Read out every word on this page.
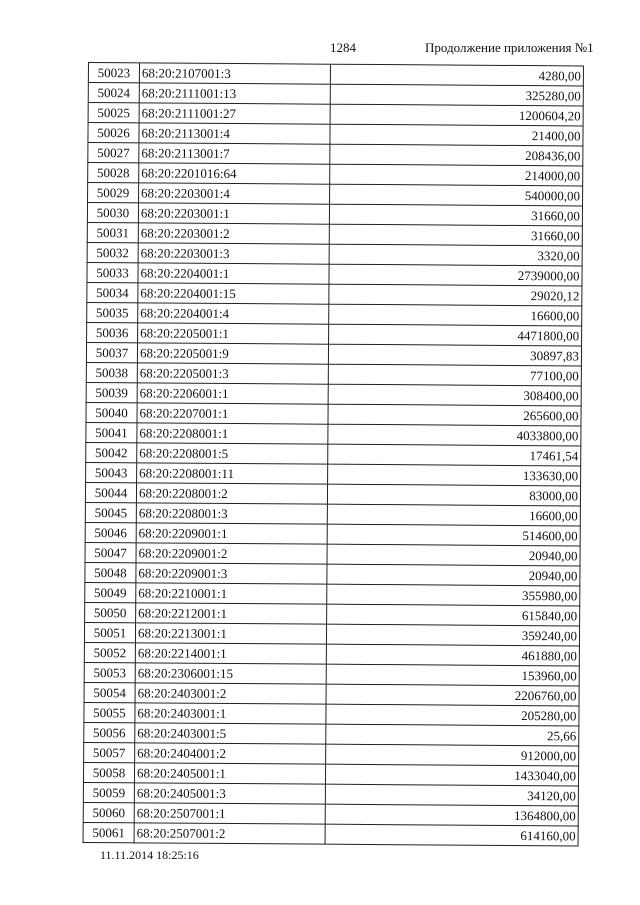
1284	Продолжение приложения №1
50023	68:20:2107001:3	4280,00
50024	68:20:2111001:13	325280,00
50025	68:20:2111001:27	1200604,20
50026	68:20:2113001:4	21400,00
50027	68:20:2113001:7	208436,00
50028	68:20:2201016:64	214000,00
50029	68:20:2203001:4	540000,00
50030	68:20:2203001:1	31660,00
50031	68:20:2203001:2	31660,00
50032	68:20:2203001:3	3320,00
50033	68:20:2204001:1	2739000,00
50034	68:20:2204001:15	29020,12
50035	68:20:2204001:4	16600,00
50036	68:20:2205001:1	4471800,00
50037	68:20:2205001:9	30897,83
50038	68:20:2205001:3	77100,00
50039	68:20:2206001:1	308400,00
50040	68:20:2207001:1	265600,00
50041	68:20:2208001:1	4033800,00
50042	68:20:2208001:5	17461,54
50043	68:20:2208001:11	133630,00
50044	68:20:2208001:2	83000,00
50045	68:20:2208001:3	16600,00
50046	68:20:2209001:1	514600,00
50047	68:20:2209001:2	20940,00
50048	68:20:2209001:3	20940,00
50049	68:20:2210001:1	355980,00
50050	68:20:2212001:1	615840,00
50051	68:20:2213001:1	359240,00
50052	68:20:2214001:1	461880,00
50053	68:20:2306001:15	153960,00
50054	68:20:2403001:2	2206760,00
50055	68:20:2403001:1	205280,00
50056	68:20:2403001:5	25,66
50057	68:20:2404001:2	912000,00
50058	68:20:2405001:1	1433040,00
50059	68:20:2405001:3	34120,00
50060	68:20:2507001:1	1364800,00
50061	68:20:2507001:2	614160,00
11.11.2014 18:25:16
